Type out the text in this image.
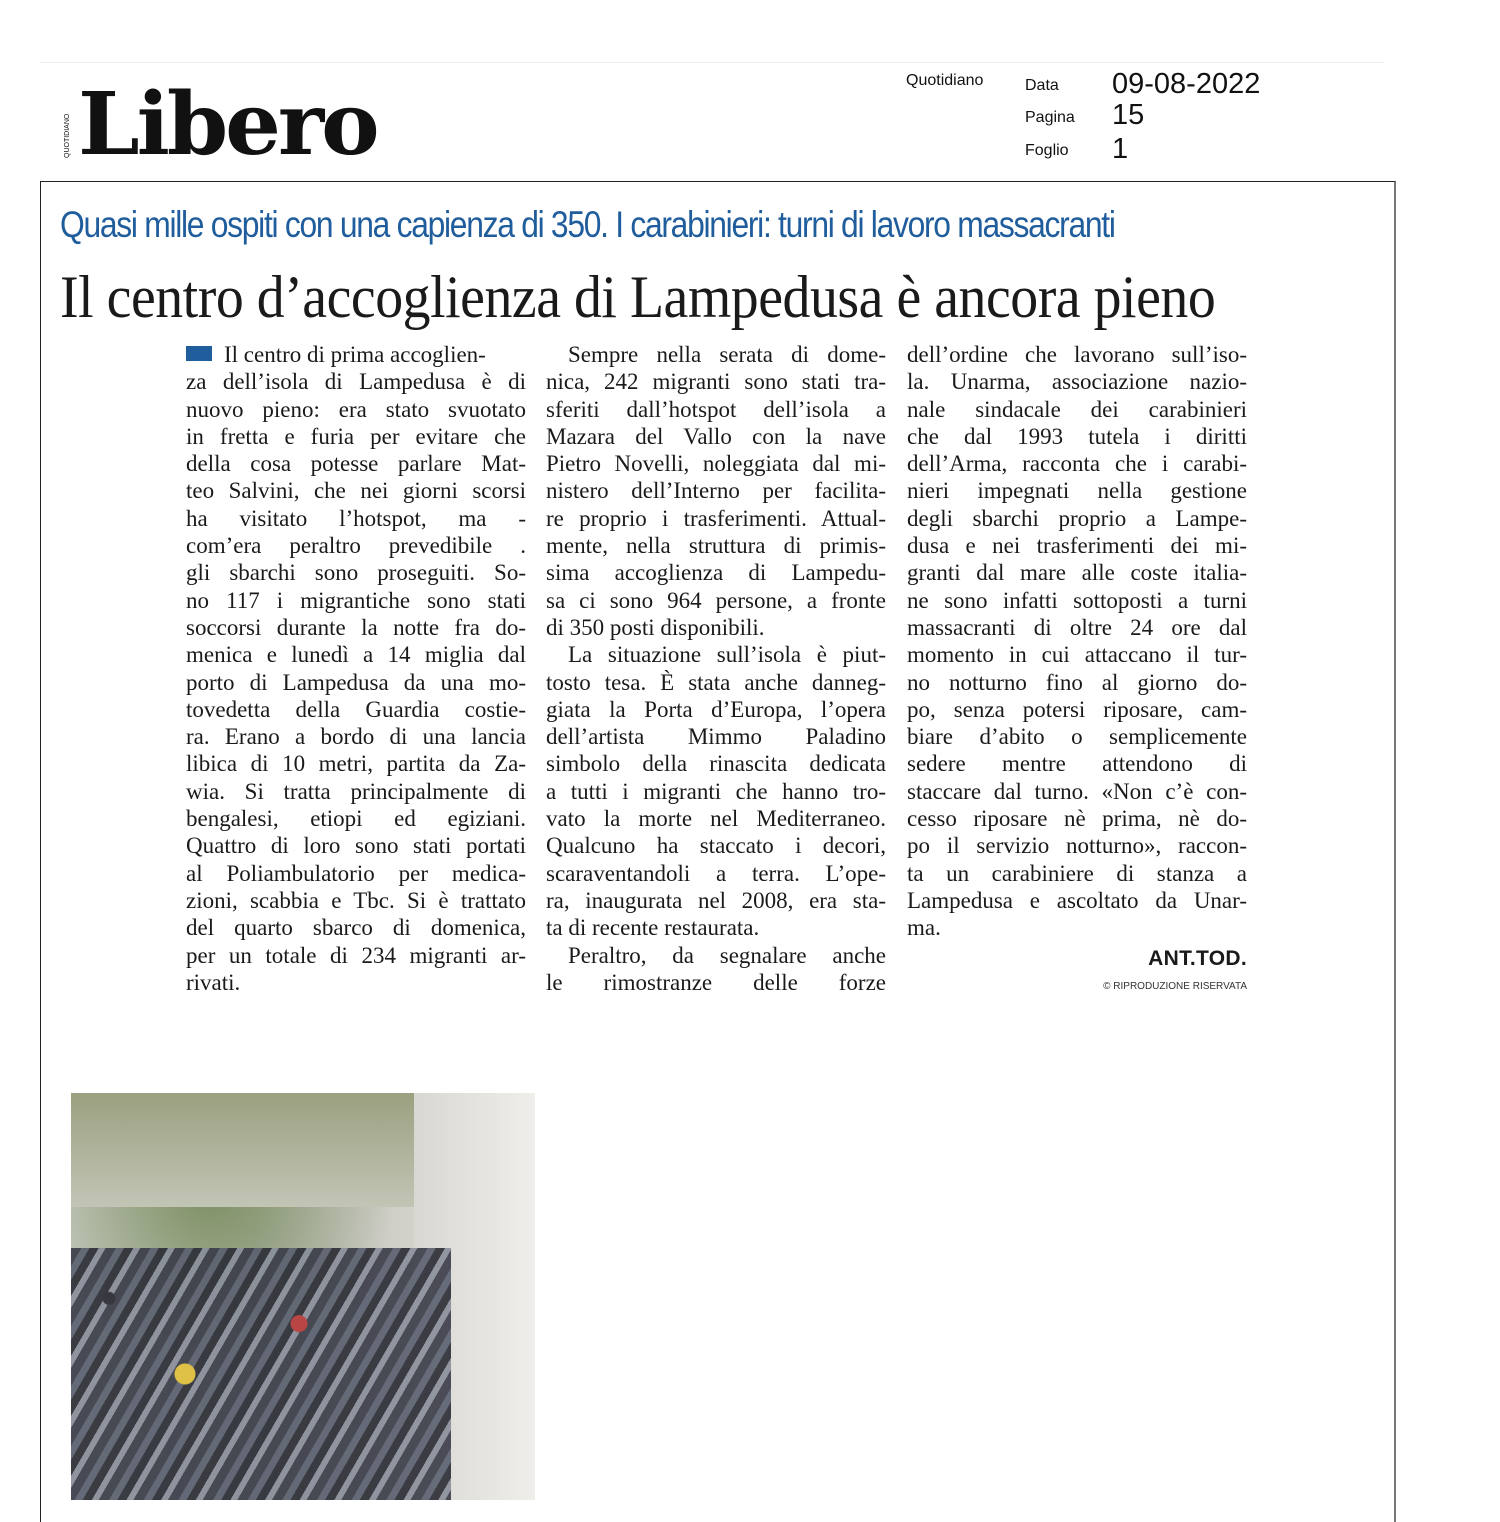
QUOTIDIANO Libero	Quotidiano	Data 09-08-2022
Pagina 15
Foglio 1
Quasi mille ospiti con una capienza di 350. I carabinieri: turni di lavoro massacranti
Il centro d’accoglienza di Lampedusa è ancora pieno
Il centro di prima accoglien-
za dell’isola di Lampedusa è di
nuovo pieno: era stato svuotato
in fretta e furia per evitare che
della cosa potesse parlare Mat-
teo Salvini, che nei giorni scorsi
ha visitato l’hotspot, ma -
com’era peraltro prevedibile .
gli sbarchi sono proseguiti. So-
no 117 i migrantiche sono stati
soccorsi durante la notte fra do-
menica e lunedì a 14 miglia dal
porto di Lampedusa da una mo-
tovedetta della Guardia costie-
ra. Erano a bordo di una lancia
libica di 10 metri, partita da Za-
wia. Si tratta principalmente di
bengalesi, etiopi ed egiziani.
Quattro di loro sono stati portati
al Poliambulatorio per medica-
zioni, scabbia e Tbc. Si è trattato
del quarto sbarco di domenica,
per un totale di 234 migranti ar-
rivati.
Sempre nella serata di dome-
nica, 242 migranti sono stati tra-
sferiti dall’hotspot dell’isola a
Mazara del Vallo con la nave
Pietro Novelli, noleggiata dal mi-
nistero dell’Interno per facilita-
re proprio i trasferimenti. Attual-
mente, nella struttura di primis-
sima accoglienza di Lampedu-
sa ci sono 964 persone, a fronte
di 350 posti disponibili.
La situazione sull’isola è piut-
tosto tesa. È stata anche danneg-
giata la Porta d’Europa, l’opera
dell’artista Mimmo Paladino
simbolo della rinascita dedicata
a tutti i migranti che hanno tro-
vato la morte nel Mediterraneo.
Qualcuno ha staccato i decori,
scaraventandoli a terra. L’ope-
ra, inaugurata nel 2008, era sta-
ta di recente restaurata.
Peraltro, da segnalare anche
le rimostranze delle forze
dell’ordine che lavorano sull’iso-
la. Unarma, associazione nazio-
nale sindacale dei carabinieri
che dal 1993 tutela i diritti
dell’Arma, racconta che i carabi-
nieri impegnati nella gestione
degli sbarchi proprio a Lampe-
dusa e nei trasferimenti dei mi-
granti dal mare alle coste italia-
ne sono infatti sottoposti a turni
massacranti di oltre 24 ore dal
momento in cui attaccano il tur-
no notturno fino al giorno do-
po, senza potersi riposare, cam-
biare d’abito o semplicemente
sedere mentre attendono di
staccare dal turno. «Non c’è con-
cesso riposare nè prima, nè do-
po il servizio notturno», raccon-
ta un carabiniere di stanza a
Lampedusa e ascoltato da Unar-
ma.
ANT.TOD.
© RIPRODUZIONE RISERVATA
